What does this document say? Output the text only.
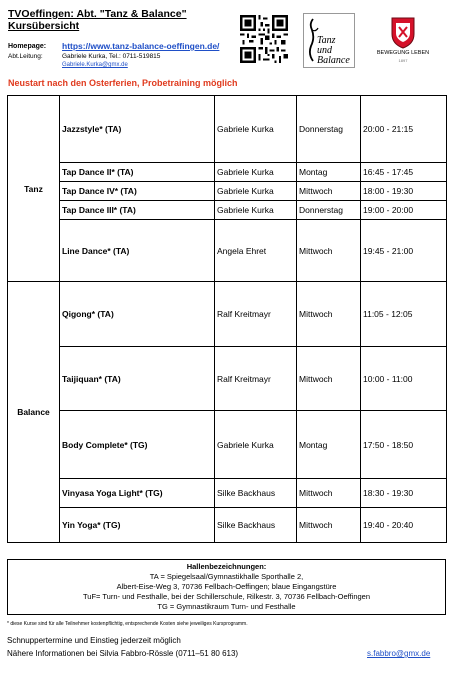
TVOeffingen: Abt. "Tanz & Balance"
Kursübersicht
Homepage: https://www.tanz-balance-oeffingen.de/
Abt.Leitung:	Gabriele Kurka, Tel.: 0711-519815
Gabriele.Kurka@gmx.de
Tanz
und
Balance
BEWEGUNG LEBEN
1897
Neustart nach den Osterferien, Probetraining möglich
Tanz	Jazzstyle* (TA)	Gabriele Kurka	Donnerstag	20:00 - 21:15
	Tap Dance II* (TA)	Gabriele Kurka	Montag	16:45 - 17:45
	Tap Dance IV* (TA)	Gabriele Kurka	Mittwoch	18:00 - 19:30
	Tap Dance III* (TA)	Gabriele Kurka	Donnerstag	19:00 - 20:00
	Line Dance* (TA)	Angela Ehret	Mittwoch	19:45 - 21:00
Balance	Qigong* (TA)	Ralf Kreitmayr	Mittwoch	11:05 - 12:05
	Taijiquan* (TA)	Ralf Kreitmayr	Mittwoch	10:00 - 11:00
	Body Complete* (TG)	Gabriele Kurka	Montag	17:50 - 18:50
	Vinyasa Yoga Light* (TG)	Silke Backhaus	Mittwoch	18:30 - 19:30
	Yin Yoga* (TG)	Silke Backhaus	Mittwoch	19:40 - 20:40
Hallenbezeichnungen:
TA = Spiegelsaal/Gymnastikhalle Sporthalle 2,
Albert-Eise-Weg 3, 70736 Fellbach-Oeffingen; blaue Eingangstüre
TuF= Turn- und Festhalle, bei der Schillerschule, Rilkestr. 3, 70736 Fellbach-Oeffingen
TG = Gymnastikraum Turn- und Festhalle
* diese Kurse sind für alle Teilnehmer kostenpflichtig, entsprechende Kosten siehe jeweiliges Kursprogramm.
Schnuppertermine und Einstieg jederzeit möglich
Nähere Informationen bei Silvia Fabbro-Rössle (0711–51 80 613)	s.fabbro@gmx.de
